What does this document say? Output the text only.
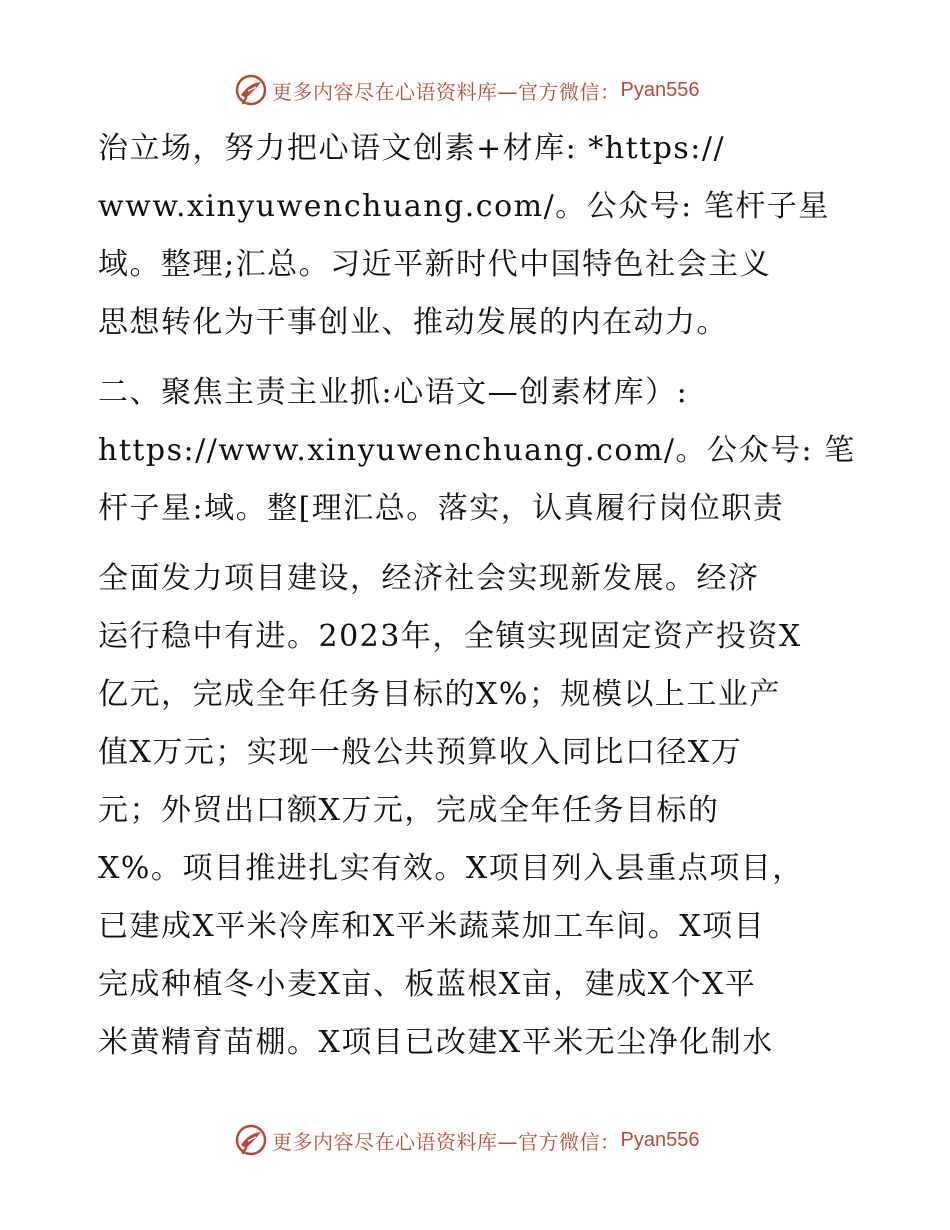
更多内容尽在心语资料库—官方微信： Pyan556
治立场，努力把心语文创素+材库: *https://
www.xinyuwenchuang.com/。公众号: 笔杆子星
域。整理;汇总。习近平新时代中国特色社会主义
思想转化为干事创业、推动发展的内在动力。
二、聚焦主责主业抓:心语文—创素材库）:
https://www.xinyuwenchuang.com/。公众号: 笔
杆子星:域。整[理汇总。落实，认真履行岗位职责
全面发力项目建设，经济社会实现新发展。经济
运行稳中有进。2023年，全镇实现固定资产投资X
亿元，完成全年任务目标的X%；规模以上工业产
值X万元；实现一般公共预算收入同比口径X万
元；外贸出口额X万元，完成全年任务目标的
X%。项目推进扎实有效。X项目列入县重点项目，
已建成X平米冷库和X平米蔬菜加工车间。X项目
完成种植冬小麦X亩、板蓝根X亩，建成X个X平
米黄精育苗棚。X项目已改建X平米无尘净化制水
更多内容尽在心语资料库—官方微信： Pyan556
